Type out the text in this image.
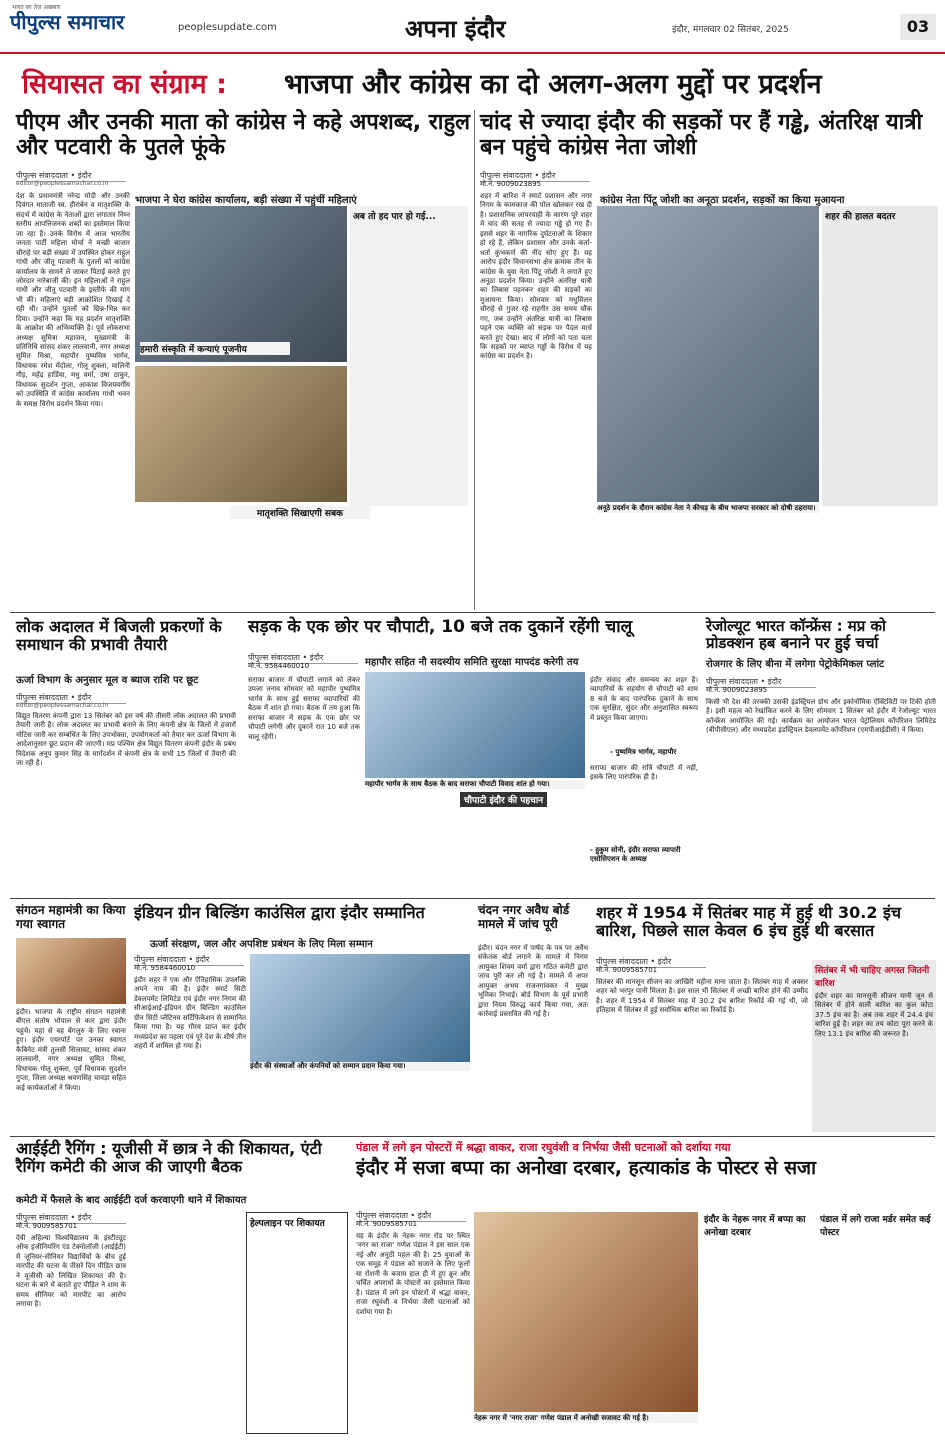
भारत का तेज़ अखबार
पीपुल्स समाचार	peoplesupdate.com	अपना इंदौर	इंदौर, मंगलवार 02 सितंबर, 2025	03
सियासत का संग्राम : भाजपा और कांग्रेस का दो अलग-अलग मुद्दों पर प्रदर्शन
पीएम और उनकी माता को कांग्रेस ने कहे अपशब्द, राहुल और पटवारी के पुतले फूंके
पीपुल्स संवाददाता • इंदौर
editor@peoplessamachar.co.in
भाजपा ने घेरा कांग्रेस कार्यालय, बड़ी संख्या में पहुंचीं महिलाएं
देश के प्रधानमंत्री नरेन्द्र मोदी और उनकी दिवंगत माताजी स्व. हीराबेन व मातृशक्ति के संदर्भ में कांग्रेस के नेताओं द्वारा लगातार निम्न स्तरीय आपत्तिजनक शब्दों का इस्तेमाल किया जा रहा है। उनके विरोध में आज भारतीय जनता पार्टी महिला मोर्चा ने मच्छी बाजार चौराहे पर बड़ी संख्या में उपस्थित होकर राहुल गांधी और जीतू पटवारी के पुतलों को कांग्रेस कार्यालय के सामने ले जाकर पिटाई करते हुए जोरदार नारेबाजी की। इन महिलाओं ने राहुल गांधी और जीतू पटवारी के इस्तीफे की मांग भी की। महिलाएं बड़ी आक्रोशित दिखाई दे रही थीं। उन्होंने पुतलों को छिन्न-भिन्न कर दिया। उन्होंने कहा कि यह प्रदर्शन मातृशक्ति के आक्रोश की अभिव्यक्ति है। पूर्व लोकसभा अध्यक्ष सुमित्रा महाजन, मुख्यमंत्री के प्रतिनिधि सांसद शंकर लालवानी, नगर अध्यक्ष सुमित मिश्रा, महापौर पुष्यमित्र भार्गव, विधायक रमेश मेंदोला, गोलू शुक्ला, मालिनी गौड़, महेंद्र हार्डिया, मधु वर्मा, उषा ठाकुर, विधायक सुदर्शन गुप्ता, आकाश विजयवर्गीय को उपस्थिति में कांग्रेस कार्यालय गांधी भवन के समक्ष विरोध प्रदर्शन किया गया।
हमारी संस्कृति में कन्याएं पूजनीय
अब तो हद पार हो गई...
मातृशक्ति सिखाएगी सबक
चांद से ज्यादा इंदौर की सड़कों पर हैं गड्ढे, अंतरिक्ष यात्री बन पहुंचे कांग्रेस नेता जोशी
पीपुल्स संवाददाता • इंदौर
मो.नं. 9009023895
कांग्रेस नेता पिंटू जोशी का अनूठा प्रदर्शन, सड़कों का किया मुआयना
शहर में बारिश ने स्मार्ट प्रशासन और नगर निगम के कामकाज की पोल खोलकर रख दी है। प्रशासनिक लापरवाही के कारण पूरे शहर में चांद की सतह से ज्यादा गड्ढे हो गए हैं। इससे शहर के नागरिक दुर्घटनाओं के शिकार हो रहे हैं, लेकिन प्रशासन और उनके कर्ता-धर्ता कुंभकर्ण की नींद सोए हुए हैं। यह आरोप इंदौर विधानसभा क्षेत्र क्रमांक तीन के कांग्रेस के युवा नेता पिंटू जोशी ने लगाते हुए अनूठा प्रदर्शन किया। उन्होंने अंतरिक्ष यात्री का लिबास पहनकर शहर की सड़कों का मुआयना किया। सोमवार को मधुमिलन चौराहे से गुजर रहे राहगीर उस समय चौंक गए, जब उन्होंने अंतरिक्ष यात्री का लिबास पहने एक व्यक्ति को सड़क पर पैदल मार्च करते हुए देखा। बाद में लोगों को पता चला कि सड़कों पर व्याप्त गड्ढों के विरोध में यह कांग्रेस का प्रदर्शन है।
अनूठे प्रदर्शन के दौरान कांग्रेस नेता ने कीचड़ के बीच भाजपा सरकार को दोषी ठहराया।
शहर की हालत बदतर
लोक अदालत में बिजली प्रकरणों के समाधान की प्रभावी तैयारी
ऊर्जा विभाग के अनुसार मूल व ब्याज राशि पर छूट
पीपुल्स संवाददाता • इंदौर
editor@peoplessamachar.co.in
विद्युत वितरण कंपनी द्वारा 13 सितंबर को इस वर्ष की तीसरी लोक अदालत की प्रभावी तैयारी जारी है। लोक अदालत का प्रभावी बनाने के लिए कंपनी क्षेत्र के जिलों में हजारों नोटिस जारी कर सम्बंधित के लिए उपभोक्ता, उपयोगकर्ता को तैयार कर ऊर्जा विभाग के आदेशानुसार छूट प्रदान की जाएगी। मप्र पश्चिम क्षेत्र विद्युत वितरण कंपनी इंदौर के प्रबंध निदेशक अनूप कुमार सिंह के मार्गदर्शन में कंपनी क्षेत्र के सभी 15 जिलों में तैयारी की जा रही है।
सड़क के एक छोर पर चौपाटी, 10 बजे तक दुकानें रहेंगी चालू
पीपुल्स संवाददाता • इंदौर
मो.नं. 9584460010	महापौर सहित नौ सदस्यीय समिति सुरक्षा मापदंड करेगी तय
महापौर भार्गव के साथ बैठक के बाद सराफा चौपाटी विवाद शांत हो गया।
चौपाटी इंदौर की पहचान
सराफा बाजार में चौपाटी लगाने को लेकर उपजा तनाव सोमवार को महापौर पुष्यमित्र भार्गव के साथ हुई सराफा व्यापारियों की बैठक में शांत हो गया। बैठक में तय हुआ कि सराफा बाजार में सड़क के एक छोर पर चौपाटी लगेगी और दुकानें रात 10 बजे तक चालू रहेंगी।
इंदौर संवाद और समन्वय का शहर है। व्यापारियों के सहयोग से चौपाटी को शाम 8 बजे के बाद पारंपरिक दुकानें के साथ एक सुरक्षित, सुंदर और अनुशासित स्वरूप में प्रस्तुत किया जाएगा।
- पुष्यमित्र भार्गव, महापौर
सराफा बाजार की रात्रि चौपाटी में नहीं, इसके लिए पारंपरिक ही है।
- हुकुम सोनी, इंदौर सराफा व्यापारी एसोसिएशन के अध्यक्ष
रेजोल्यूट भारत कॉन्फ्रेंस : मप्र को प्रोडक्शन हब बनाने पर हुई चर्चा
रोजगार के लिए बीना में लगेगा पेट्रोकेमिकल प्लांट
पीपुल्स संवाददाता • इंदौर
मो.नं. 9009023895
किसी भी देश की तरक्की उसकी इंडस्ट्रियल ग्रोथ और इकोनॉमिक ऐक्टिविटी पर टिकी होती है। इसी महत्व को रेखांकित करने के लिए सोमवार 1 सितंबर को इंदौर में रेजोल्यूट भारत कॉन्फ्रेंस आयोजित की गई। कार्यक्रम का आयोजन भारत पेट्रोलियम कॉर्पोरेशन लिमिटेड (बीपीसीएल) और मध्यप्रदेश इंडस्ट्रियल डेवलपमेंट कॉर्पोरेशन (एमपीआईडीसी) ने किया।
संगठन महामंत्री का किया गया स्वागत
इंदौर। भाजपा के राष्ट्रीय संगठन महामंत्री बीएल संतोष भोपाल से कार द्वारा इंदौर पहुंचे। यहां से वह बेंगलुरु के लिए रवाना हुए। इंदौर एयरपोर्ट पर उनका स्वागत कैबिनेट मंत्री तुलसी सिलावट, सांसद शंकर लालवानी, नगर अध्यक्ष सुमित मिश्रा, विधायक गोलू शुक्ला, पूर्व विधायक सुदर्शन गुप्ता, जिला अध्यक्ष श्रवणसिंह चावड़ा सहित कई कार्यकर्ताओं ने किया।
इंडियन ग्रीन बिल्डिंग काउंसिल द्वारा इंदौर सम्मानित
ऊर्जा संरक्षण, जल और अपशिष्ट प्रबंधन के लिए मिला सम्मान
पीपुल्स संवाददाता • इंदौर
मो.नं. 9584460010
इंदौर की संस्थाओं और कंपनियों को सम्मान प्रदान किया गया।
इंदौर शहर ने एक और ऐतिहासिक उपलब्धि अपने नाम की है। इंदौर स्मार्ट सिटी डेवलपमेंट लिमिटेड एवं इंदौर नगर निगम की सीआईआई-इंडियन ग्रीन बिल्डिंग काउंसिल ग्रीन सिटी प्लैटिनम सर्टिफिकेशन से सम्मानित किया गया है। यह गौरव प्राप्त कर इंदौर मध्यप्रदेश का पहला एवं पूरे देश के शीर्ष तीन शहरों में शामिल हो गया है।
चंदन नगर अवैध बोर्ड मामले में जांच पूरी
इंदौर। चंदन नगर में पार्षद के पत्र पर अवैध संकेतक बोर्ड लगाने के मामले में निगम आयुक्त शिवम वर्मा द्वारा गठित कमेटी द्वारा जांच पूरी कर ली गई है। मामले में अपर आयुक्त अभय राजनगांवकर ने मुख्य भूमिका निभाई। बोर्ड विभाग के पूर्व प्रभारी द्वारा नियम विरुद्ध कार्य किया गया, अतः कार्रवाई प्रस्तावित की गई है।
शहर में 1954 में सितंबर माह में हुई थी 30.2 इंच बारिश, पिछले साल केवल 6 इंच हुई थी बरसात
पीपुल्स संवाददाता • इंदौर
मो.नं. 9009585701
सितंबर की मानसून सीजन का आखिरी महीना माना जाता है। सितंबर माह में अक्सर शहर को भरपूर पानी मिलता है। इस साल भी सितंबर में अच्छी बारिश होने की उम्मीद है। शहर में 1954 में सितंबर माह में 30.2 इंच बारिश रिकॉर्ड की गई थी, जो इतिहास में सितंबर में हुई सर्वाधिक बारिश का रिकॉर्ड है।
सितंबर में भी चाहिए अगस्त जितनी बारिश
इंदौर शहर का मानसूनी सीजन यानी जून से सितंबर में होने वाली बारिश का कुल कोटा 37.5 इंच का है। अब तक शहर में 24.4 इंच बारिश हुई है। शहर का तय कोटा पूरा करने के लिए 13.1 इंच बारिश की जरूरत है।
आईईटी रैगिंग : यूजीसी में छात्र ने की शिकायत, एंटी रैगिंग कमेटी की आज की जाएगी बैठक
कमेटी में फैसले के बाद आईईटी दर्ज करवाएगी थाने में शिकायत
पीपुल्स संवाददाता • इंदौर
मो.नं. 9009585701
देवी अहिल्या विश्वविद्यालय के इंस्टीट्यूट ऑफ इंजीनियरिंग एंड टेक्नोलॉजी (आईईटी) में जूनियर-सीनियर विद्यार्थियों के बीच हुई मारपीट की घटना के तीसरे दिन पीड़ित छात्र ने यूजीसी को लिखित शिकायत की है। घटना के बारे में बताते हुए पीड़ित ने शाम के समय सीनियर को मारपीट का आरोप लगाया है।
हेल्पलाइन पर शिकायत
पंडाल में लगे इन पोस्टरों में श्रद्धा वाकर, राजा रघुवंशी व निर्भया जैसी घटनाओं को दर्शाया गया
इंदौर में सजा बप्पा का अनोखा दरबार, हत्याकांड के पोस्टर से सजा
पीपुल्स संवाददाता • इंदौर
मो.नं. 9009585701
यह के इंदौर के नेहरू नगर रोड पर स्थित 'नगर का राजा' गणेश पंडाल ने इस साल एक नई और अनूठी पहल की है। 25 युवाओं के एक समूह ने पंडाल को सजाने के लिए फूलों या रोशनी के बजाय हाल ही में हुए क्रूर और चर्चित अपराधों के पोस्टरों का इस्तेमाल किया है। पंडाल में लगे इन पोस्टरों में श्रद्धा वाकर, राजा रघुवंशी व निर्भया जैसी घटनाओं को दर्शाया गया है।
नेहरू नगर में 'नगर राजा' गणेश पंडाल में अनोखी सजावट की गई है।
इंदौर के नेहरू नगर में बप्पा का अनोखा दरबार
पंडाल में लगे राजा मर्डर समेत कई पोस्टर
